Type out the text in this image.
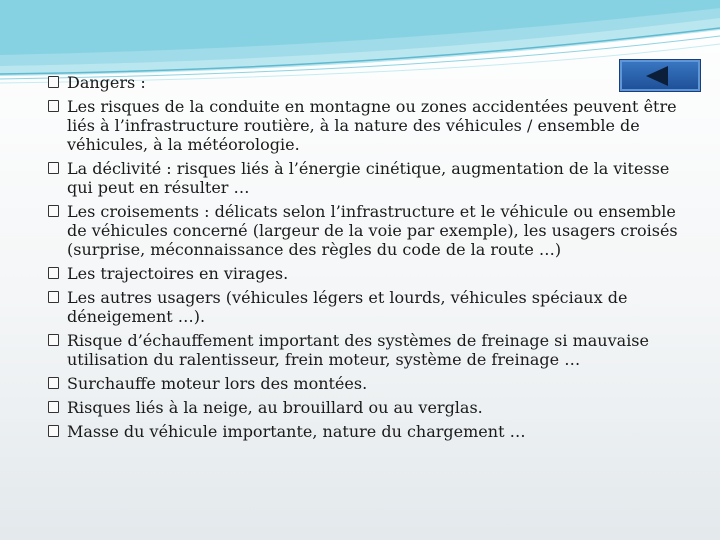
Dangers :
Les risques de la conduite en montagne ou zones accidentées peuvent être liés à l’infrastructure routière, à la nature des véhicules / ensemble de véhicules, à la météorologie.
La déclivité : risques liés à l’énergie cinétique, augmentation de la vitesse qui peut en résulter …
Les croisements : délicats selon l’infrastructure et le véhicule ou ensemble de véhicules concerné (largeur de la voie par exemple), les usagers croisés (surprise, méconnaissance des règles du code de la route …)
Les trajectoires en virages.
Les autres usagers (véhicules légers et lourds, véhicules spéciaux de déneigement …).
Risque d’échauffement important des systèmes de freinage si mauvaise utilisation du ralentisseur, frein moteur, système de freinage …
Surchauffe moteur lors des montées.
Risques liés à la neige, au brouillard ou au verglas.
Masse du véhicule importante, nature du chargement …
